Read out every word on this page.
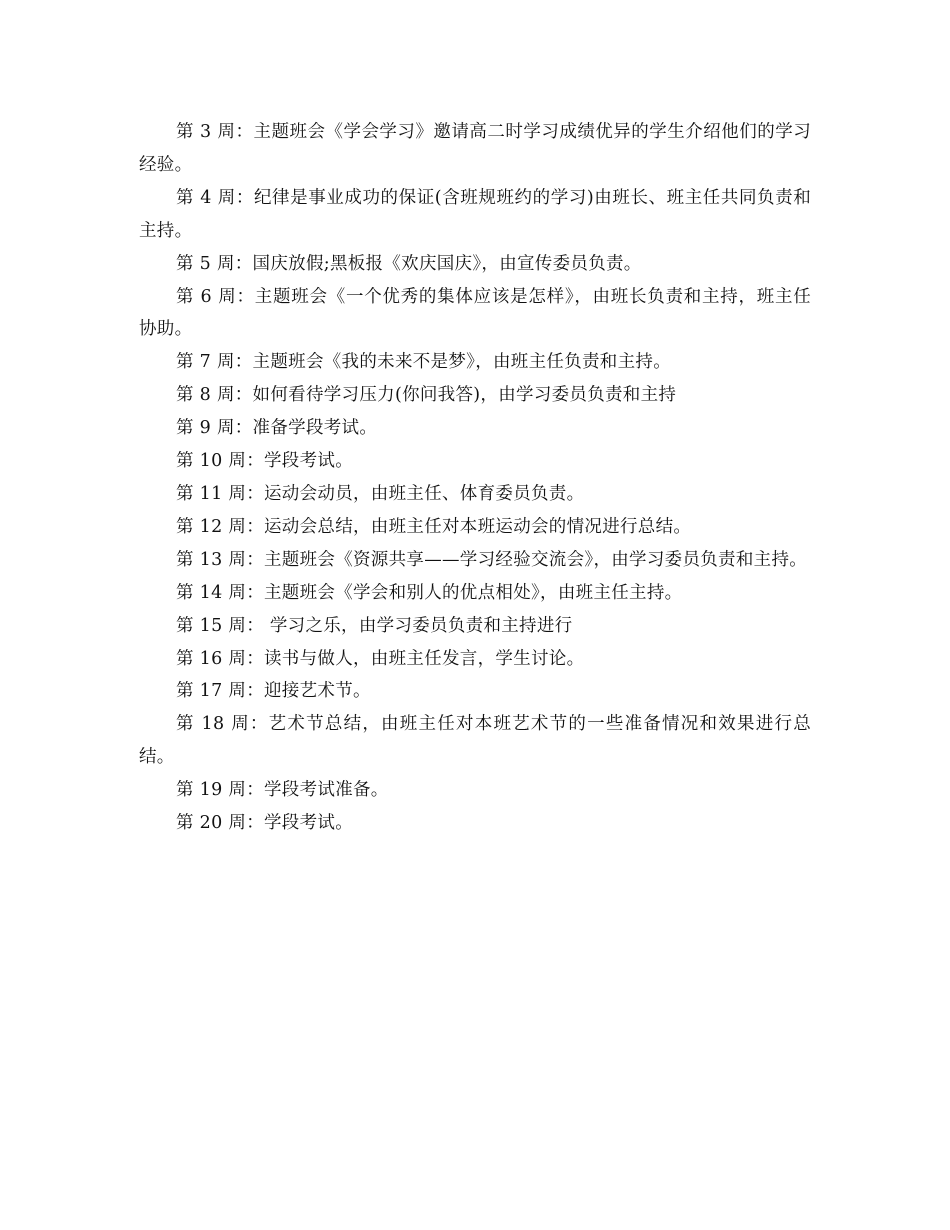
第 3 周：主题班会《学会学习》邀请高二时学习成绩优异的学生介绍他们的学习经验。

第 4 周：纪律是事业成功的保证(含班规班约的学习)由班长、班主任共同负责和主持。

第 5 周：国庆放假;黑板报《欢庆国庆》，由宣传委员负责。

第 6 周：主题班会《一个优秀的集体应该是怎样》，由班长负责和主持，班主任协助。

第 7 周：主题班会《我的未来不是梦》，由班主任负责和主持。

第 8 周：如何看待学习压力(你问我答)，由学习委员负责和主持

第 9 周：准备学段考试。

第 10 周：学段考试。

第 11 周：运动会动员，由班主任、体育委员负责。

第 12 周：运动会总结，由班主任对本班运动会的情况进行总结。

第 13 周：主题班会《资源共享——学习经验交流会》，由学习委员负责和主持。

第 14 周：主题班会《学会和别人的优点相处》，由班主任主持。

第 15 周： 学习之乐，由学习委员负责和主持进行

第 16 周：读书与做人，由班主任发言，学生讨论。

第 17 周：迎接艺术节。

第 18 周：艺术节总结，由班主任对本班艺术节的一些准备情况和效果进行总结。

第 19 周：学段考试准备。

第 20 周：学段考试。
